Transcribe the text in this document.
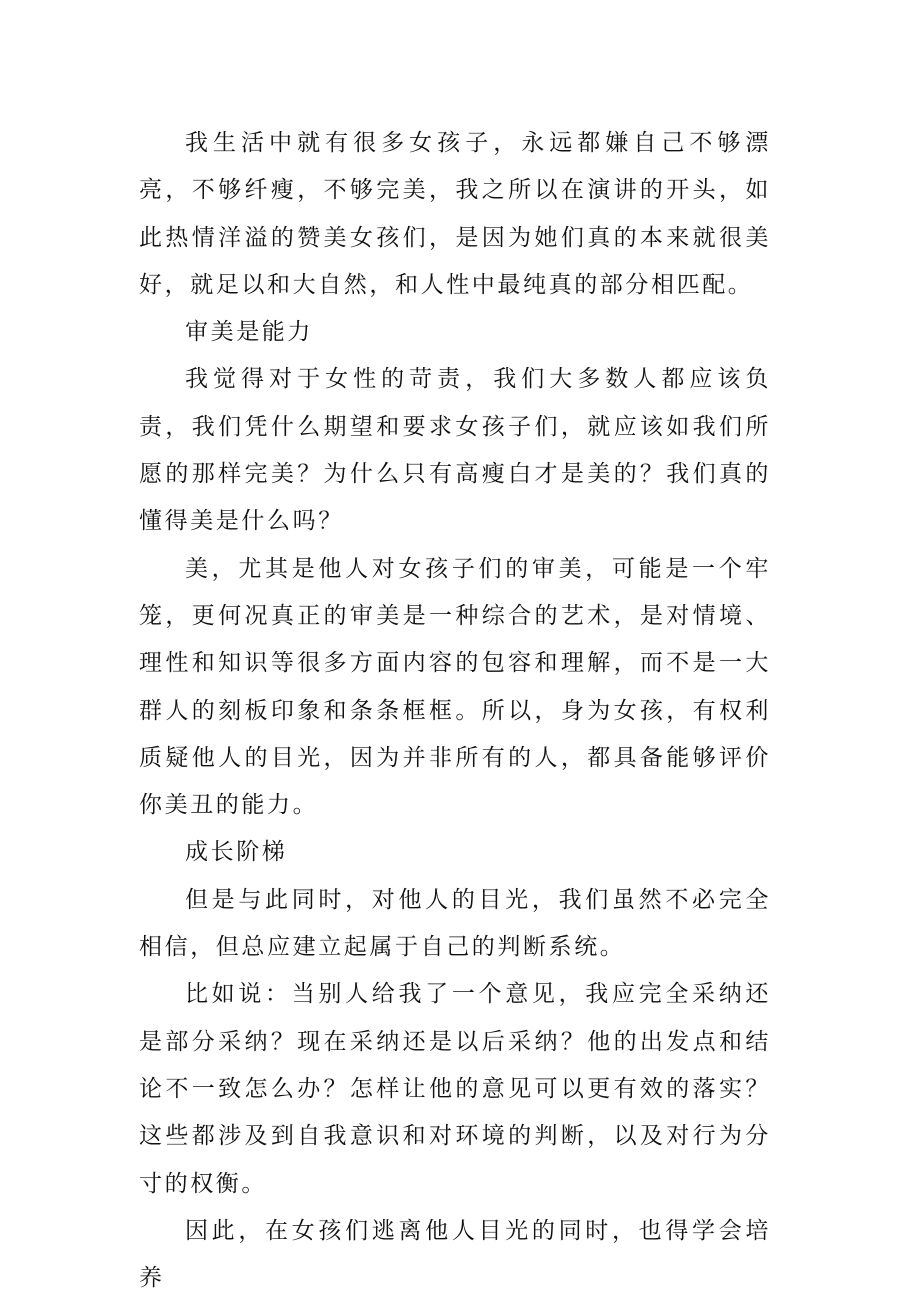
我生活中就有很多女孩子，永远都嫌自己不够漂亮，不够纤瘦，不够完美，我之所以在演讲的开头，如此热情洋溢的赞美女孩们，是因为她们真的本来就很美好，就足以和大自然，和人性中最纯真的部分相匹配。

审美是能力

我觉得对于女性的苛责，我们大多数人都应该负责，我们凭什么期望和要求女孩子们，就应该如我们所愿的那样完美？为什么只有高瘦白才是美的？我们真的懂得美是什么吗？

美，尤其是他人对女孩子们的审美，可能是一个牢笼，更何况真正的审美是一种综合的艺术，是对情境、理性和知识等很多方面内容的包容和理解，而不是一大群人的刻板印象和条条框框。所以，身为女孩，有权利质疑他人的目光，因为并非所有的人，都具备能够评价你美丑的能力。

成长阶梯

但是与此同时，对他人的目光，我们虽然不必完全相信，但总应建立起属于自己的判断系统。

比如说：当别人给我了一个意见，我应完全采纳还是部分采纳？现在采纳还是以后采纳？他的出发点和结论不一致怎么办？怎样让他的意见可以更有效的落实？这些都涉及到自我意识和对环境的判断，以及对行为分寸的权衡。

因此，在女孩们逃离他人目光的同时，也得学会培养
